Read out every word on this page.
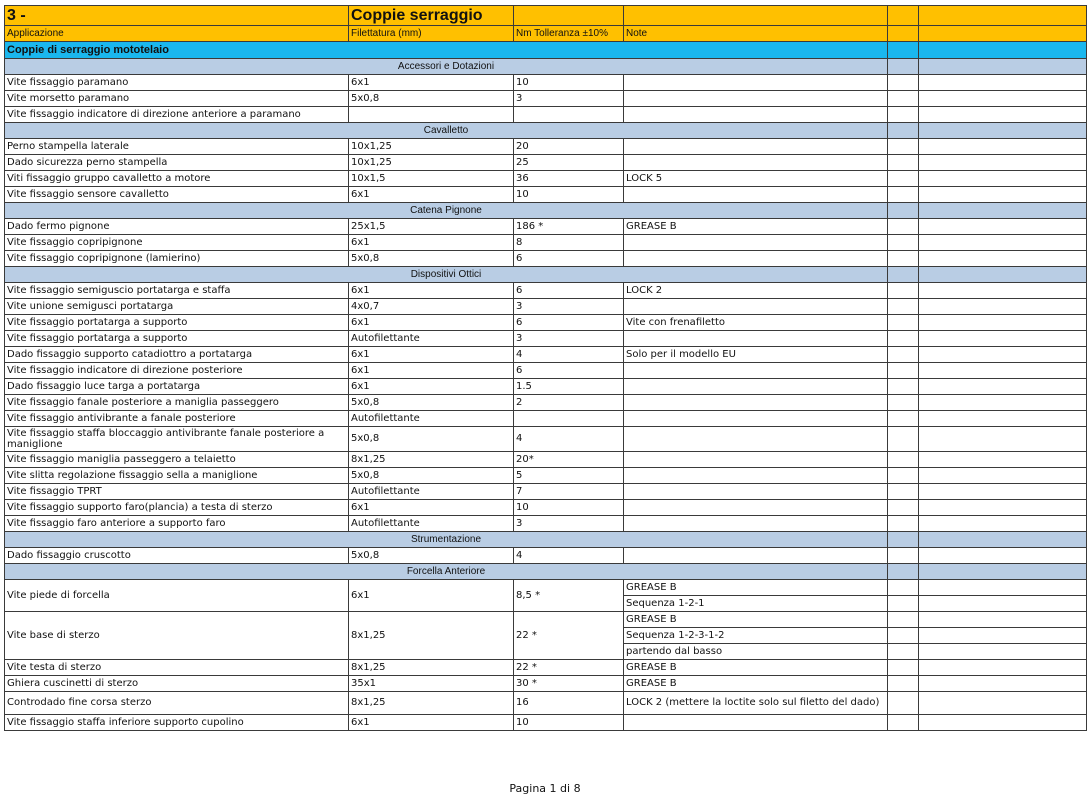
3 -	Coppie serraggio				
Applicazione	Filettatura (mm)	Nm Tolleranza ±10%	Note		
Coppie di serraggio mototelaio					
Accessori e Dotazioni					
Vite fissaggio paramano	6x1	10			
Vite morsetto paramano	5x0,8	3			
Vite fissaggio indicatore di direzione anteriore a paramano					
Cavalletto					
Perno stampella laterale	10x1,25	20			
Dado sicurezza perno stampella	10x1,25	25			
Viti fissaggio gruppo cavalletto a motore	10x1,5	36	LOCK 5		
Vite fissaggio sensore cavalletto	6x1	10			
Catena Pignone					
Dado fermo pignone	25x1,5	186 *	GREASE B		
Vite fissaggio copripignone	6x1	8			
Vite fissaggio copripignone (lamierino)	5x0,8	6			
Dispositivi Ottici					
Vite fissaggio semiguscio portatarga e staffa	6x1	6	LOCK 2		
Vite unione semigusci portatarga	4x0,7	3			
Vite fissaggio portatarga a supporto	6x1	6	Vite con frenafiletto		
Vite fissaggio portatarga a supporto	Autofilettante	3			
Dado fissaggio supporto catadiottro a portatarga	6x1	4	Solo per il modello EU		
Vite fissaggio indicatore di direzione posteriore	6x1	6			
Dado fissaggio luce targa a portatarga	6x1	1.5			
Vite fissaggio fanale posteriore a maniglia passeggero	5x0,8	2			
Vite fissaggio antivibrante a fanale posteriore	Autofilettante				
Vite fissaggio staffa bloccaggio antivibrante fanale posteriore a maniglione	5x0,8	4			
Vite fissaggio maniglia passeggero a telaietto	8x1,25	20*			
Vite slitta regolazione fissaggio sella a maniglione	5x0,8	5			
Vite fissaggio TPRT	Autofilettante	7			
Vite fissaggio supporto faro(plancia) a testa di sterzo	6x1	10			
Vite fissaggio faro anteriore a supporto faro	Autofilettante	3			
Strumentazione					
Dado fissaggio cruscotto	5x0,8	4			
Forcella Anteriore					
Vite piede di forcella	6x1	8,5 *	GREASE B		
			Sequenza 1-2-1		
Vite base di sterzo	8x1,25	22 *	GREASE B		
			Sequenza 1-2-3-1-2		
			partendo dal basso		
Vite testa di sterzo	8x1,25	22 *	GREASE B		
Ghiera cuscinetti di sterzo	35x1	30 *	GREASE B		
Controdado fine corsa sterzo	8x1,25	16	LOCK 2 (mettere la loctite solo sul filetto del dado)		
Vite fissaggio staffa inferiore supporto cupolino	6x1	10			
Pagina 1 di 8
